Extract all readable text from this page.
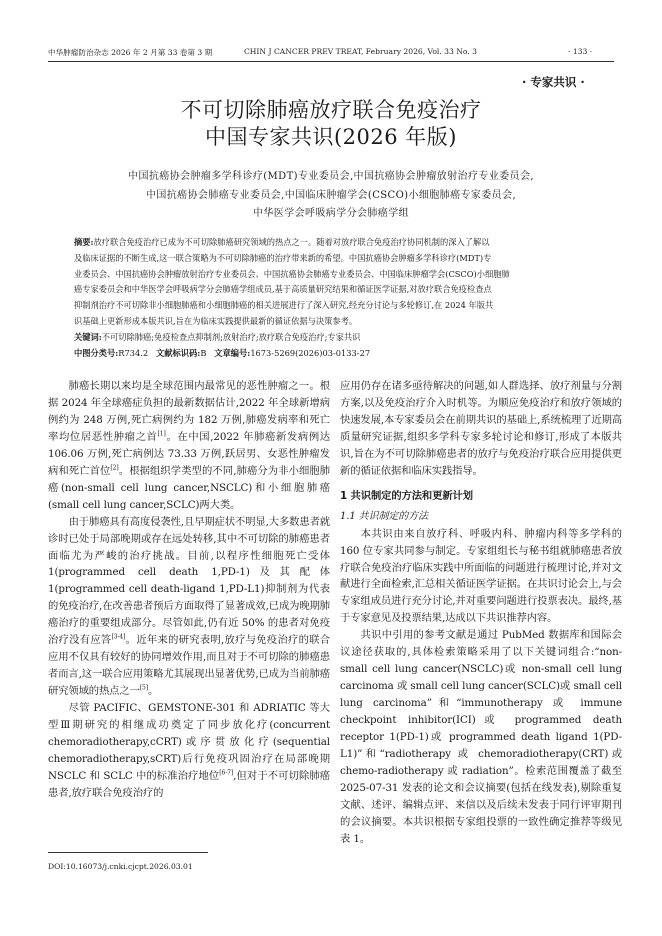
中华肿瘤防治杂志 2026 年 2 月第 33 卷第 3 期	CHIN J CANCER PREV TREAT, February 2026, Vol. 33 No. 3	· 133 ·
· 专家共识 ·
不可切除肺癌放疗联合免疫治疗
中国专家共识(2026 年版)
中国抗癌协会肿瘤多学科诊疗(MDT)专业委员会,中国抗癌协会肿瘤放射治疗专业委员会,
中国抗癌协会肺癌专业委员会,中国临床肿瘤学会(CSCO)小细胞肺癌专家委员会,
中华医学会呼吸病学分会肺癌学组
摘要:放疗联合免疫治疗已成为不可切除肺癌研究领域的热点之一。随着对放疗联合免疫治疗协同机制的深入了解以
及临床证据的不断生成,这一联合策略为不可切除肺癌的治疗带来新的希望。中国抗癌协会肿瘤多学科诊疗(MDT)专
业委员会、中国抗癌协会肿瘤放射治疗专业委员会、中国抗癌协会肺癌专业委员会、中国临床肿瘤学会(CSCO)小细胞肺
癌专家委员会和中华医学会呼吸病学分会肺癌学组成员,基于高质量研究结果和循证医学证据,对放疗联合免疫检查点
抑制剂治疗不可切除非小细胞肺癌和小细胞肺癌的相关进展进行了深入研究,经充分讨论与多轮修订,在 2024 年版共
识基础上更新形成本版共识,旨在为临床实践提供最新的循证依据与决策参考。
关键词:不可切除肺癌;免疫检查点抑制剂;放射治疗;放疗联合免疫治疗;专家共识
中图分类号:R734.2 文献标识码:B 文章编号:1673-5269(2026)03-0133-27

肺癌长期以来均是全球范围内最常见的恶性肿瘤之一。根据 2024 年全球癌症负担的最新数据估计,2022 年全球新增病例约为 248 万例,死亡病例约为 182 万例,肺癌发病率和死亡率均位居恶性肿瘤之首[1]。在中国,2022 年肺癌新发病例达 106.06 万例,死亡病例达 73.33 万例,跃居男、女恶性肿瘤发病和死亡首位[2]。根据组织学类型的不同,肺癌分为非小细胞肺癌(non-small cell lung cancer,NSCLC)和小细胞肺癌(small cell lung cancer,SCLC)两大类。

由于肺癌具有高度侵袭性,且早期症状不明显,大多数患者就诊时已处于局部晚期或存在远处转移,其中不可切除的肺癌患者面临尤为严峻的治疗挑战。目前,以程序性细胞死亡受体 1(programmed cell death 1,PD-1)及其配体 1(programmed cell death-ligand 1,PD-L1)抑制剂为代表的免疫治疗,在改善患者预后方面取得了显著成效,已成为晚期肺癌治疗的重要组成部分。尽管如此,仍有近 50% 的患者对免疫治疗没有应答[3-4]。近年来的研究表明,放疗与免疫治疗的联合应用不仅具有较好的协同增效作用,而且对于不可切除的肺癌患者而言,这一联合应用策略尤其展现出显著优势,已成为当前肺癌研究领域的热点之一[5]。

尽管 PACIFIC、GEMSTONE-301 和 ADRIATIC 等大型Ⅲ期研究的相继成功奠定了同步放化疗(concurrent chemoradiotherapy,cCRT)或序贯放化疗(sequential chemoradiotherapy,sCRT)后行免疫巩固治疗在局部晚期 NSCLC 和 SCLC 中的标准治疗地位[6-7],但对于不可切除肺癌患者,放疗联合免疫治疗的

DOI:10.16073/j.cnki.cjcpt.2026.03.01

应用仍存在诸多亟待解决的问题,如人群选择、放疗剂量与分割方案,以及免疫治疗介入时机等。为顺应免疫治疗和放疗领域的快速发展,本专家委员会在前期共识的基础上,系统梳理了近期高质量研究证据,组织多学科专家多轮讨论和修订,形成了本版共识,旨在为不可切除肺癌患者的放疗与免疫治疗联合应用提供更新的循证依据和临床实践指导。

1 共识制定的方法和更新计划

1.1 共识制定的方法

本共识由来自放疗科、呼吸内科、肿瘤内科等多学科的 160 位专家共同参与制定。专家组组长与秘书组就肺癌患者放疗联合免疫治疗临床实践中所面临的问题进行梳理讨论,并对文献进行全面检索,汇总相关循证医学证据。在共识讨论会上,与会专家组成员进行充分讨论,并对重要问题进行投票表决。最终,基于专家意见及投票结果,达成以下共识推荐内容。

共识中引用的参考文献是通过 PubMed 数据库和国际会议途径获取的,具体检索策略采用了以下关键词组合:“non-small cell lung cancer(NSCLC)或 non-small cell lung carcinoma 或 small cell lung cancer(SCLC)或 small cell lung carcinoma”和“immunotherapy 或 immune checkpoint inhibitor(ICI)或 programmed death receptor 1(PD-1)或 programmed death ligand 1(PD-L1)”和“radiotherapy 或 chemoradiotherapy(CRT)或 chemo-radiotherapy 或 radiation”。检索范围覆盖了截至 2025-07-31 发表的论文和会议摘要(包括在线发表),剔除重复文献、述评、编辑点评、来信以及后续未发表于同行评审期刊的会议摘要。本共识根据专家组投票的一致性确定推荐等级见表 1。
